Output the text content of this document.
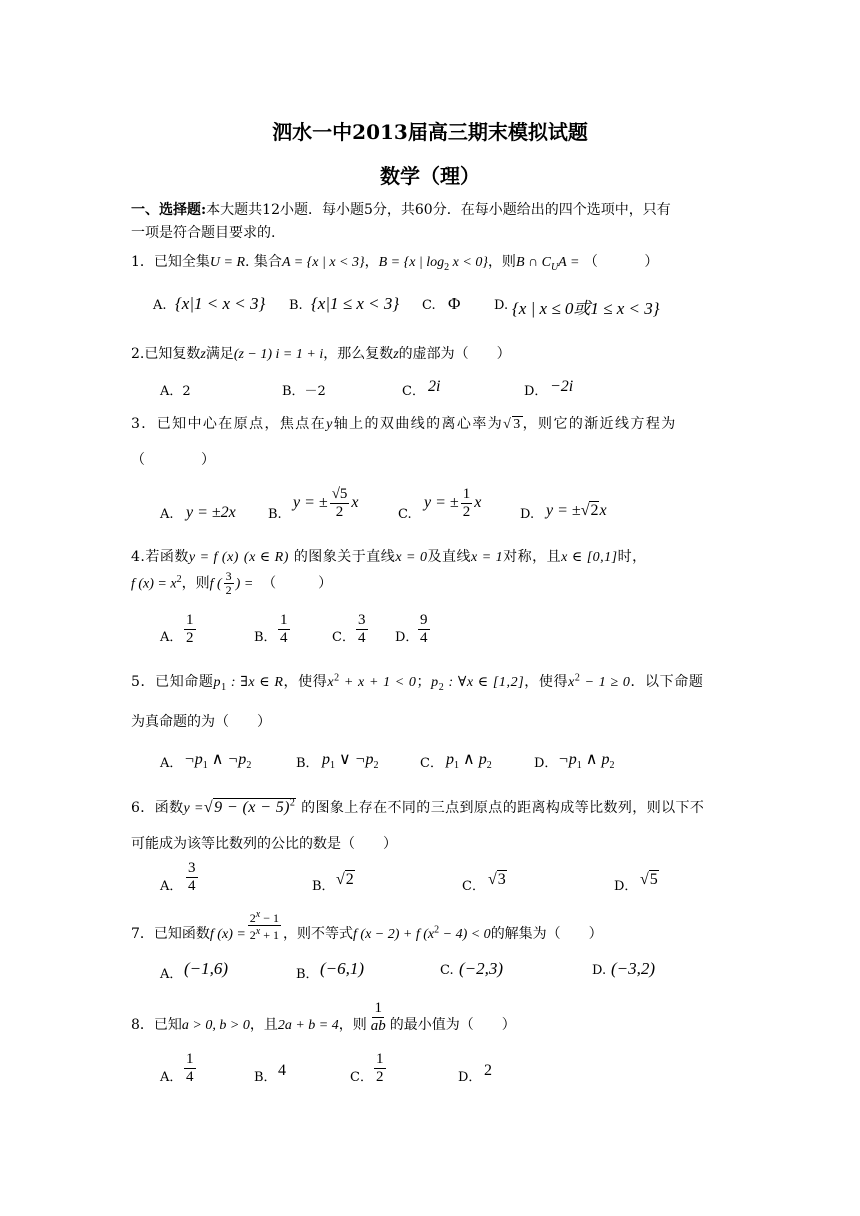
泗水一中2013届高三期末模拟试题
数学（理）
一、选择题:本大题共12小题．每小题5分，共60分．在每小题给出的四个选项中，只有
一项是符合题目要求的.
1．已知全集U = R. 集合A = {x | x < 3}，B = {x | $\log_2 x < 0$}，则B ∩ $C_UA$ = （ 　　　）
A. {x|1 < x < 3} B. {x|1 ≤ x < 3} C. Φ	D. {x | x ≤ 0或1 ≤ x < 3}
2.已知复数z满足(z − 1) i = 1 + i，那么复数z的虚部为（　　）
A．2	B．－2	C． 2i	D． −2i
3．已知中心在原点，焦点在y轴上的双曲线的离心率为√3，则它的渐近线方程为
（　　　　）
A. y = ±2x B.
y = ± $\frac{√5}{2}$ x
C.
y = ± $\frac{1}{2}$ x
D. y = ±√2x
4.若函数y = f (x) (x ∈ R) 的图象关于直线x = 0及直线x = 1对称，且x ∈ [0,1]时，
f $(x) = x^2$，则f ( $\frac{3}{2}$ ) = （　　　）
A． $\frac{1}{2}$	B． $\frac{1}{4}$	C． $\frac{3}{4}$ D． $\frac{9}{4}$
5．已知命题$p_1$ : ∃x ∈ R，使得$x^2 + x + 1 < 0$；$p_2$ : ∀x ∈ [1,2]，使得$x^2 - 1 \ge 0$．以下命题
为真命题的为（　　）
A． $\neg p_1$ ∧ $\neg p_2$	B． $p_1$ ∨ $\neg p_2$	C． $p_1$ ∧ $p_2$	D． $\neg p_1$ ∧ $p_2$
6．函数$y =√9 - (x - 5)^2$ 的图象上存在不同的三点到原点的距离构成等比数列，则以下不
可能成为该等比数列的公比的数是（　　）
A． $\frac{3}{4}$	B． √2	C． √3	D． √5
7．已知函数f $(x) = \frac{2^x - 1}{2^x + 1}$ ，则不等式f (x − 2) + f $(x^2 - 4) < 0$的解集为（　　）
A． (−1,6)	B． (−6,1)	C. (−2,3)	D. (−3,2)
8．已知a > 0, b > 0，且2a + b = 4，则 $\frac{1}{ab}$ 的最小值为（　　）
A． $\frac{1}{4}$	B． 4	C． $\frac{1}{2}$	D． 2
